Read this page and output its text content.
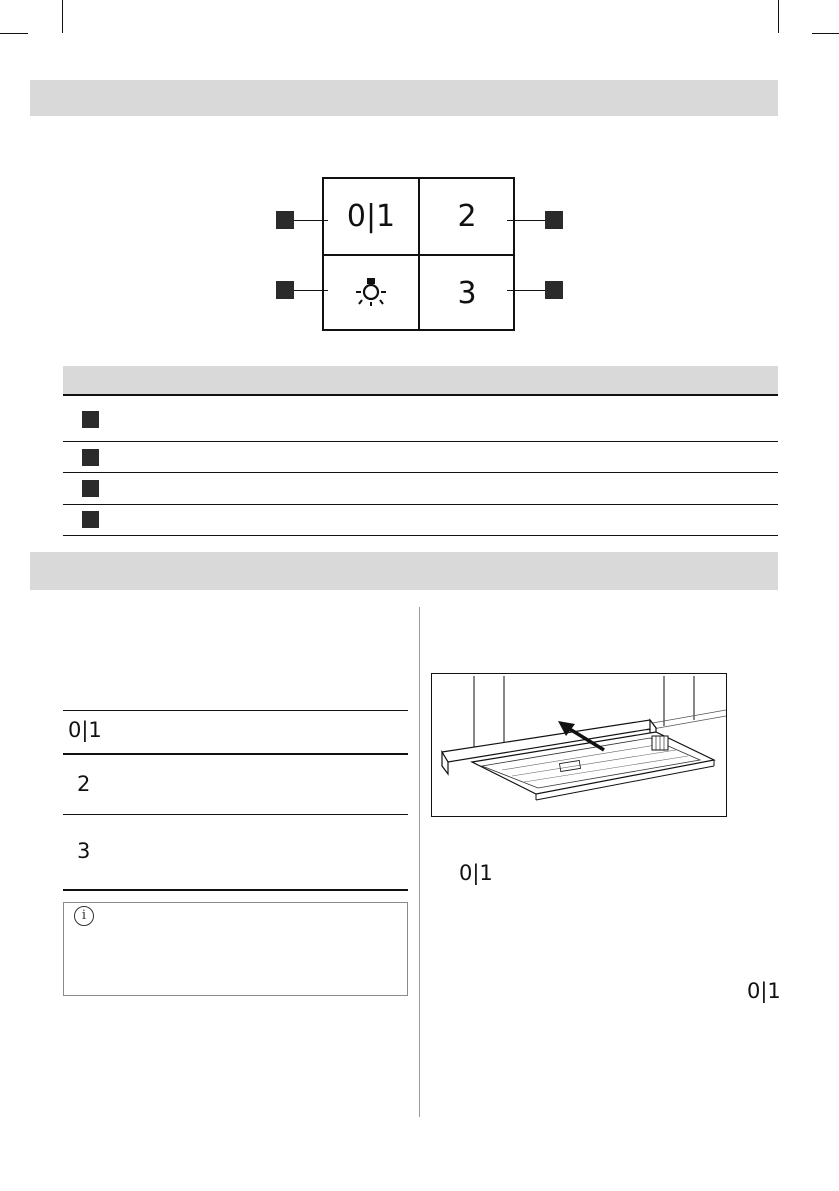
0|1 2
3
0|1
2
3
i
0|1
0|1
